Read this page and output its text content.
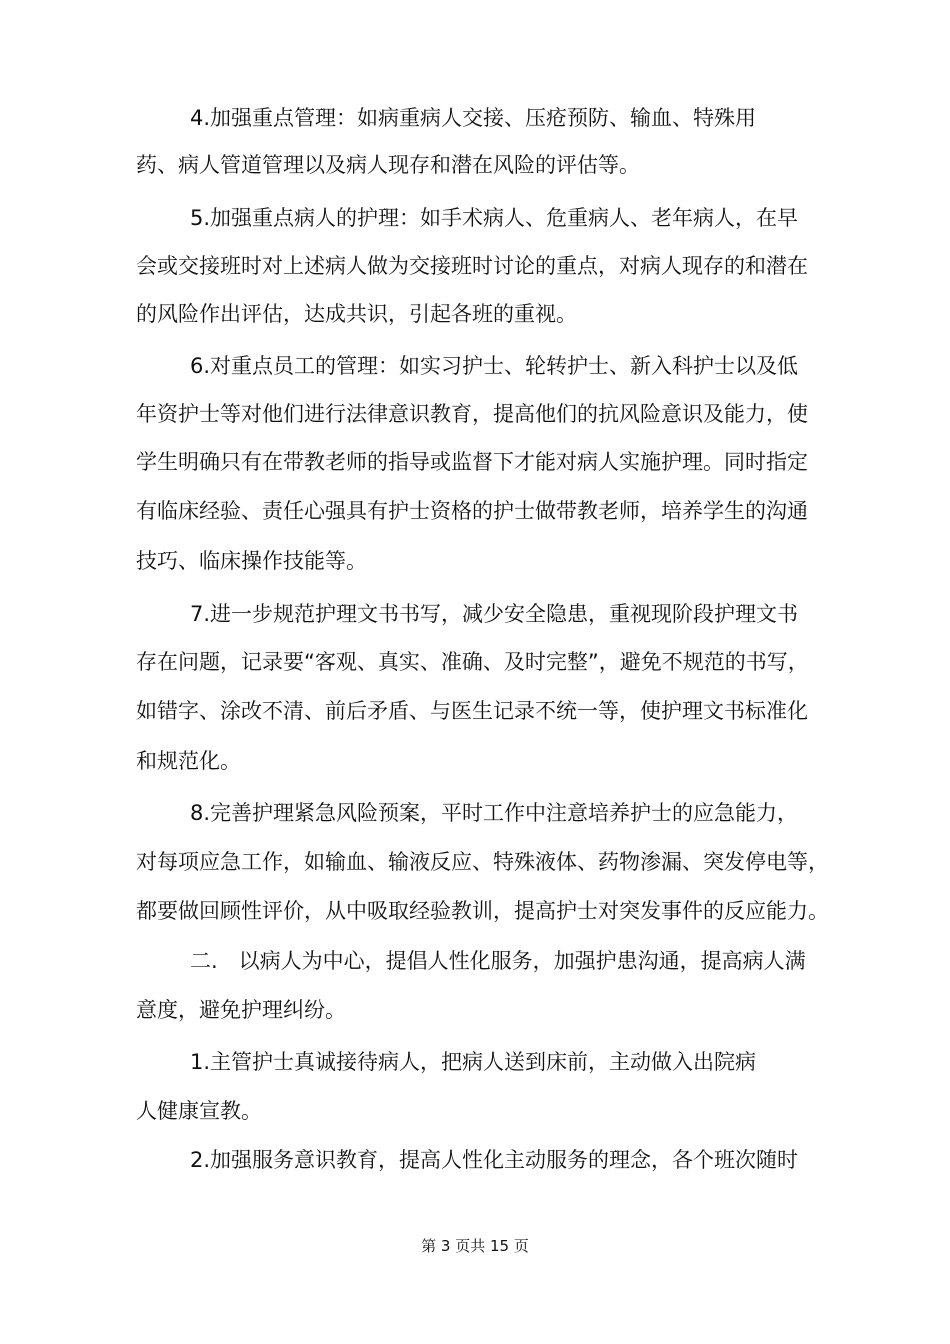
4.加强重点管理：如病重病人交接、压疮预防、输血、特殊用
药、病人管道管理以及病人现存和潜在风险的评估等。
5.加强重点病人的护理：如手术病人、危重病人、老年病人，在早
会或交接班时对上述病人做为交接班时讨论的重点，对病人现存的和潜在
的风险作出评估，达成共识，引起各班的重视。
6.对重点员工的管理：如实习护士、轮转护士、新入科护士以及低
年资护士等对他们进行法律意识教育，提高他们的抗风险意识及能力，使
学生明确只有在带教老师的指导或监督下才能对病人实施护理。同时指定
有临床经验、责任心强具有护士资格的护士做带教老师，培养学生的沟通
技巧、临床操作技能等。
7.进一步规范护理文书书写，减少安全隐患，重视现阶段护理文书
存在问题，记录要“客观、真实、准确、及时完整”，避免不规范的书写，
如错字、涂改不清、前后矛盾、与医生记录不统一等，使护理文书标准化
和规范化。
8.完善护理紧急风险预案，平时工作中注意培养护士的应急能力，
对每项应急工作，如输血、输液反应、特殊液体、药物渗漏、突发停电等，
都要做回顾性评价，从中吸取经验教训，提高护士对突发事件的反应能力。
二.　以病人为中心，提倡人性化服务，加强护患沟通，提高病人满
意度，避免护理纠纷。
1.主管护士真诚接待病人，把病人送到床前，主动做入出院病
人健康宣教。
2.加强服务意识教育，提高人性化主动服务的理念，各个班次随时
第 3 页共 15 页
